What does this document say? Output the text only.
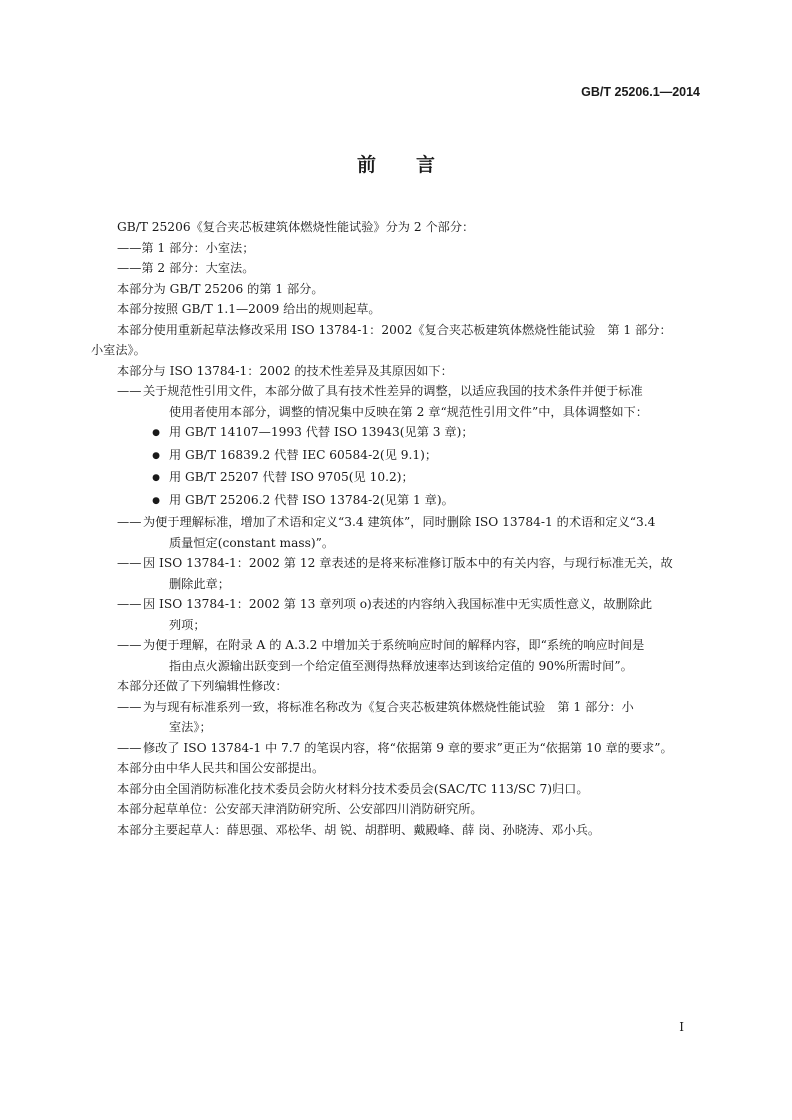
GB/T 25206.1—2014
前言
GB/T 25206《复合夹芯板建筑体燃烧性能试验》分为 2 个部分：
——第 1 部分：小室法；
——第 2 部分：大室法。
本部分为 GB/T 25206 的第 1 部分。
本部分按照 GB/T 1.1—2009 给出的规则起草。
本部分使用重新起草法修改采用 ISO 13784-1：2002《复合夹芯板建筑体燃烧性能试验　第 1 部分：
小室法》。
本部分与 ISO 13784-1：2002 的技术性差异及其原因如下：
—— 关于规范性引用文件，本部分做了具有技术性差异的调整，以适应我国的技术条件并便于标准
使用者使用本部分，调整的情况集中反映在第 2 章“规范性引用文件”中，具体调整如下：
●用 GB/T 14107—1993 代替 ISO 13943(见第 3 章)；
●用 GB/T 16839.2 代替 IEC 60584-2(见 9.1)；
●用 GB/T 25207 代替 ISO 9705(见 10.2)；
●用 GB/T 25206.2 代替 ISO 13784-2(见第 1 章)。
—— 为便于理解标准，增加了术语和定义“3.4 建筑体”，同时删除 ISO 13784-1 的术语和定义“3.4
质量恒定(constant mass)”。
—— 因 ISO 13784-1：2002 第 12 章表述的是将来标准修订版本中的有关内容，与现行标准无关，故
删除此章；
—— 因 ISO 13784-1：2002 第 13 章列项 o)表述的内容纳入我国标准中无实质性意义，故删除此
列项；
—— 为便于理解，在附录 A 的 A.3.2 中增加关于系统响应时间的解释内容，即“系统的响应时间是
指由点火源输出跃变到一个给定值至测得热释放速率达到该给定值的 90%所需时间”。
本部分还做了下列编辑性修改：
—— 为与现有标准系列一致，将标准名称改为《复合夹芯板建筑体燃烧性能试验　第 1 部分：小
室法》；
—— 修改了 ISO 13784-1 中 7.7 的笔误内容，将“依据第 9 章的要求”更正为“依据第 10 章的要求”。
本部分由中华人民共和国公安部提出。
本部分由全国消防标准化技术委员会防火材料分技术委员会(SAC/TC 113/SC 7)归口。
本部分起草单位：公安部天津消防研究所、公安部四川消防研究所。
本部分主要起草人：薛思强、邓松华、胡 锐、胡群明、戴殿峰、薛 岗、孙晓涛、邓小兵。
I
